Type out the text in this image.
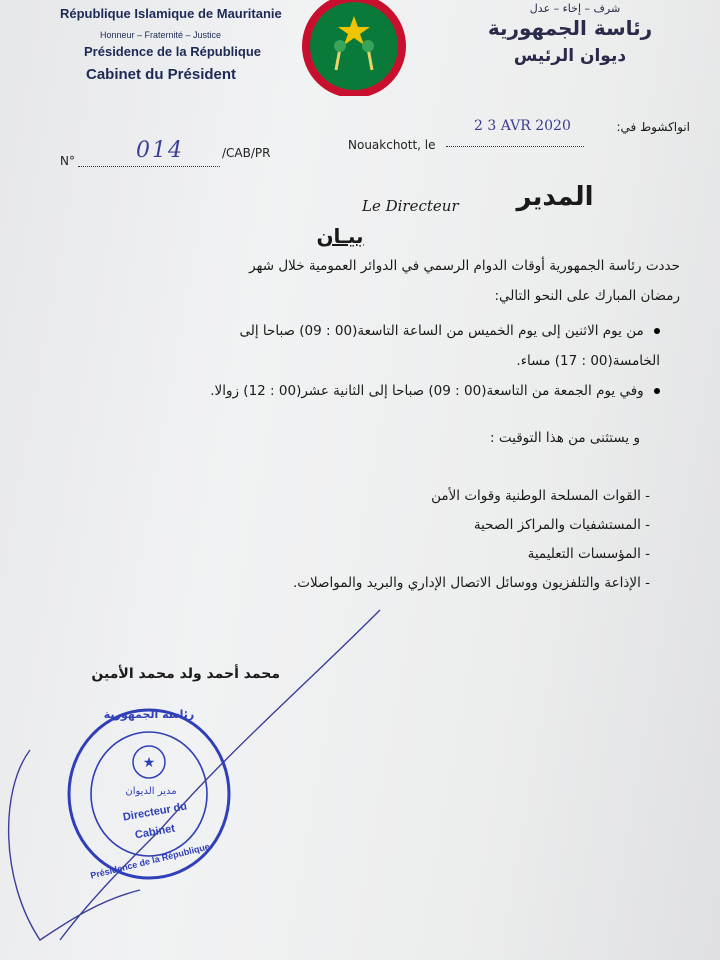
République Islamique de Mauritanie
Honneur – Fraternité – Justice
Présidence de la République
Cabinet du Président
شرف – إخاء – عدل
رئاسة الجمهورية
ديوان الرئيس
N°	014	/CAB/PR
Nouakchott, le
2 3 AVR 2020	انواكشوط في:
Le Directeur	المدير
بيـان
حددت رئاسة الجمهورية أوقات الدوام الرسمي في الدوائر العمومية خلال شهر
رمضان المبارك على النحو التالي:
من يوم الاثنين إلى يوم الخميس من الساعة التاسعة(00 : 09) صباحا إلى
الخامسة(00 : 17) مساء.
وفي يوم الجمعة من التاسعة(00 : 09) صباحا إلى الثانية عشر(00 : 12) زوالا.
و يستثنى من هذا التوقيت :
- القوات المسلحة الوطنية وقوات الأمن
- المستشفيات والمراكز الصحية
- المؤسسات التعليمية
- الإذاعة والتلفزيون ووسائل الاتصال الإداري والبريد والمواصلات.
محمد أحمد ولد محمد الأمين
★
رئاسة الجمهورية
مدير الديوان
Directeur du
Cabinet
Présidence de la République
